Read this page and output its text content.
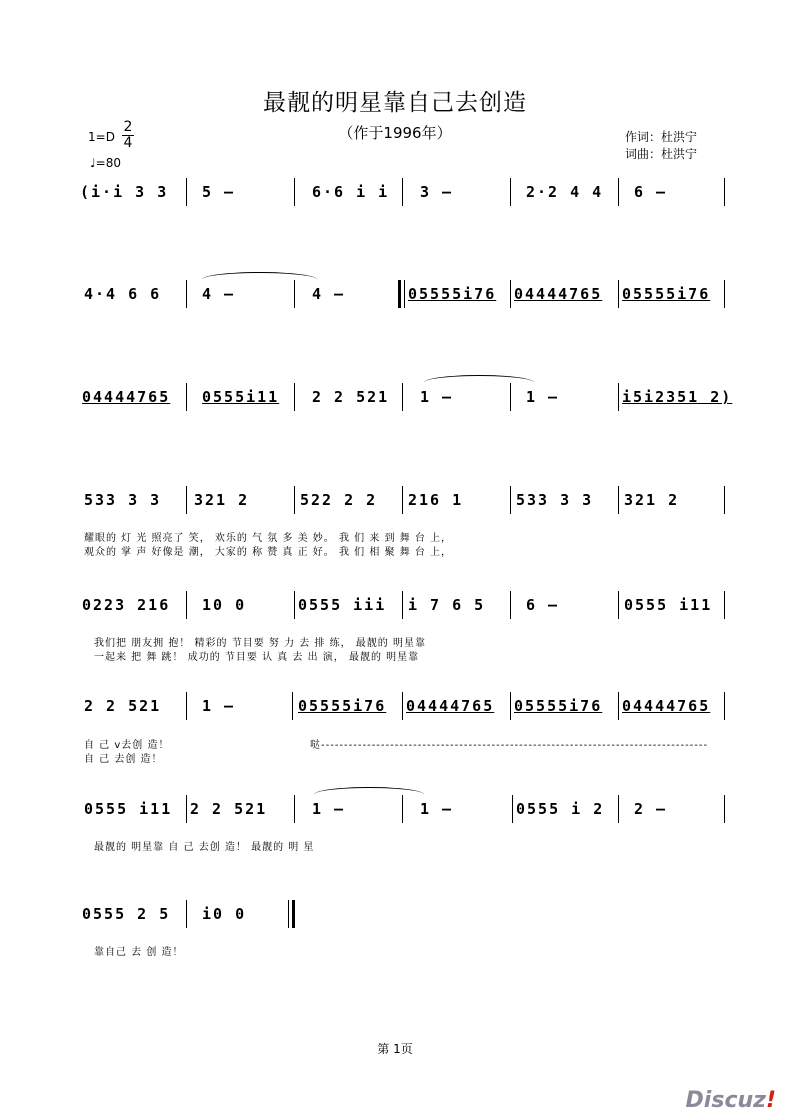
最靓的明星靠自己去创造
（作于1996年）	作词：杜洪宁
词曲：杜洪宁
$1=D \frac{2}{4}$
♩=80
(i·i 3 3 5 –	6·6 i i 3 –	2·2 4 4 6 –
4·4 6 6	4 –	4 –	05555i76 04444765 05555i76
04444765 0555i11 2 2 521 1 –	1 –	i5i2351 2)
533 3 3 321 2	522 2 2 216 1	533 3 3 321 2
耀眼的 灯 光 照亮了 笑， 欢乐的 气 氛 多 美 妙。 我 们 来 到 舞 台 上，
观众的 掌 声 好像是 潮， 大家的 称 赞 真 正 好。 我 们 相 聚 舞 台 上，
0223 216 10 0	0555 iii i 7 6 5	6 –	0555 i11
我们把 朋友拥 抱！ 精彩的 节目要 努 力 去 排 练， 最靓的 明星靠
一起来 把 舞 跳！ 成功的 节目要 认 真 去 出 演， 最靓的 明星靠
2 2 521	1 –	05555i76 04444765 05555i76 04444765
自 己 v去创 造！
自 己 去创 造！
哒------------------------------------------------------------------------------------
0555 i11 2 2 521	1 –	1 –	0555 i 2 2 –
最靓的 明星靠 自 己 去创 造！ 最靓的 明 星
0555 2 5 i0 0
靠自己 去 创 造！
第 1页
Discuz!
